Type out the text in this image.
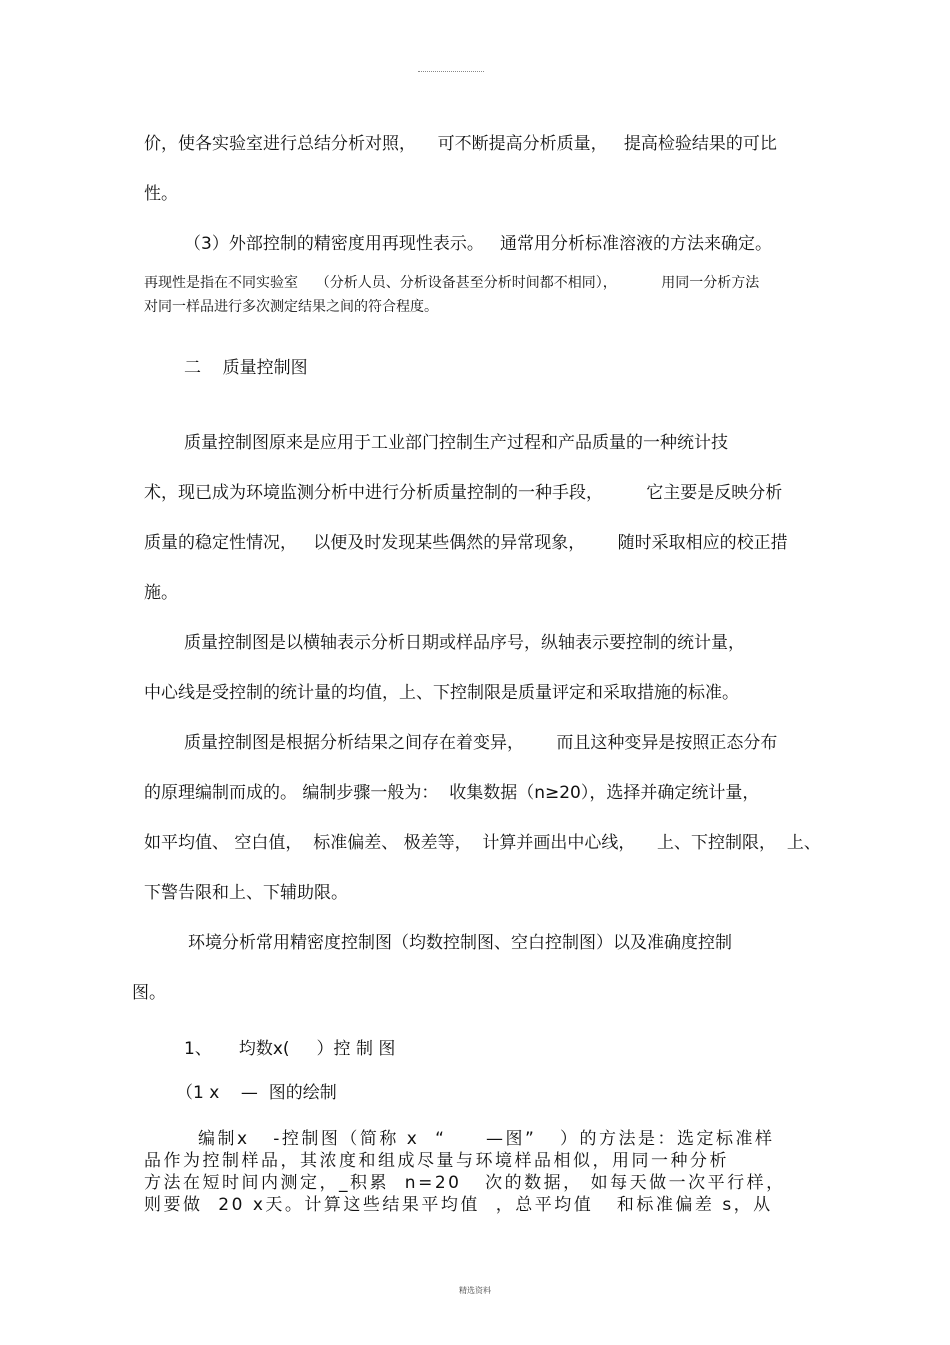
价，使各实验室进行总结分析对照，    可不断提高分析质量，   提高检验结果的可比
性。
（3）外部控制的精密度用再现性表示。   通常用分析标准溶液的方法来确定。
再现性是指在不同实验室    （分析人员、分析设备甚至分析时间都不相同），          用同一分析方法
对同一样品进行多次测定结果之间的符合程度。
二    质量控制图
质量控制图原来是应用于工业部门控制生产过程和产品质量的一种统计技
术，现已成为环境监测分析中进行分析质量控制的一种手段，        它主要是反映分析
质量的稳定性情况，   以便及时发现某些偶然的异常现象，      随时采取相应的校正措
施。
质量控制图是以横轴表示分析日期或样品序号，纵轴表示要控制的统计量，
中心线是受控制的统计量的均值，上、下控制限是质量评定和采取措施的标准。
质量控制图是根据分析结果之间存在着变异，      而且这种变异是按照正态分布
的原理编制而成的。 编制步骤一般为：  收集数据（n≥20），选择并确定统计量，
如平均值、 空白值，  标准偏差、 极差等，  计算并画出中心线，    上、下控制限，  上、
下警告限和上、下辅助限。
环境分析常用精密度控制图（均数控制图、空白控制图）以及准确度控制
图。
1、     均数x(     ）控 制 图
（1 x    —  图的绘制
编制x   -控制图（简称 x  “     —图”   ）的方法是：选定标准样
品作为控制样品，其浓度和组成尽量与环境样品相似，用同一种分析
方法在短时间内测定，_积累  n=20   次的数据， 如每天做一次平行样，
则要做  20 x天。计算这些结果平均值  ，总平均值   和标准偏差 s，从
精选资料
